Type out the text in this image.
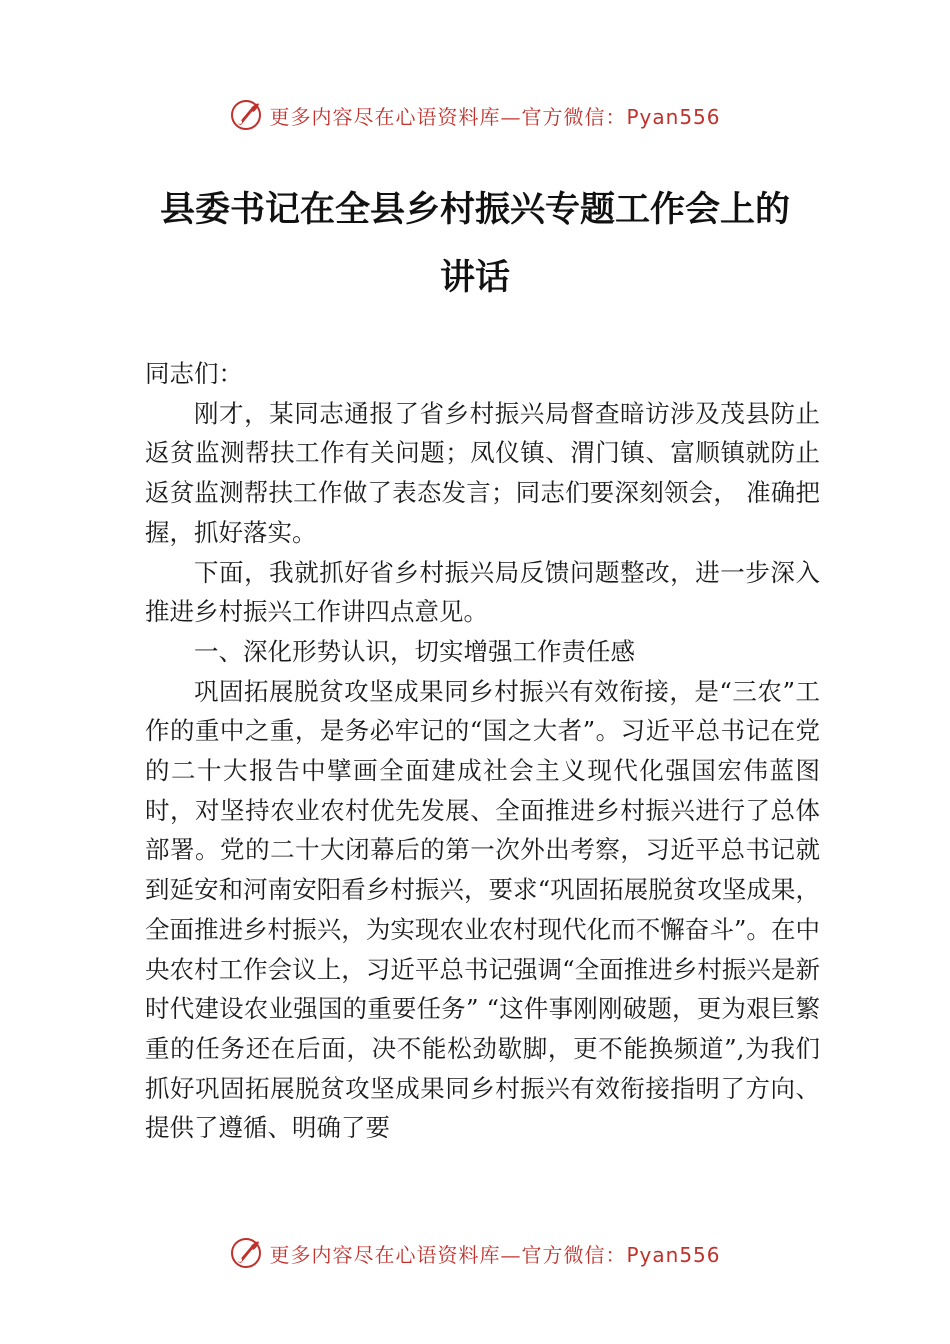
更多内容尽在心语资料库—官方微信：Pyan556
县委书记在全县乡村振兴专题工作会上的
讲话

同志们：

刚才，某同志通报了省乡村振兴局督查暗访涉及茂县防止返贫监测帮扶工作有关问题；凤仪镇、渭门镇、富顺镇就防止返贫监测帮扶工作做了表态发言；同志们要深刻领会， 准确把握，抓好落实。

下面，我就抓好省乡村振兴局反馈问题整改，进一步深入推进乡村振兴工作讲四点意见。

一、深化形势认识，切实增强工作责任感

巩固拓展脱贫攻坚成果同乡村振兴有效衔接，是“三农”工作的重中之重，是务必牢记的“国之大者”。习近平总书记在党的二十大报告中擘画全面建成社会主义现代化强国宏伟蓝图时，对坚持农业农村优先发展、全面推进乡村振兴进行了总体部署。党的二十大闭幕后的第一次外出考察，习近平总书记就到延安和河南安阳看乡村振兴，要求“巩固拓展脱贫攻坚成果，全面推进乡村振兴，为实现农业农村现代化而不懈奋斗”。在中央农村工作会议上，习近平总书记强调“全面推进乡村振兴是新时代建设农业强国的重要任务” “这件事刚刚破题，更为艰巨繁重的任务还在后面，决不能松劲歇脚，更不能换频道”,为我们抓好巩固拓展脱贫攻坚成果同乡村振兴有效衔接指明了方向、提供了遵循、明确了要

更多内容尽在心语资料库—官方微信：Pyan556
